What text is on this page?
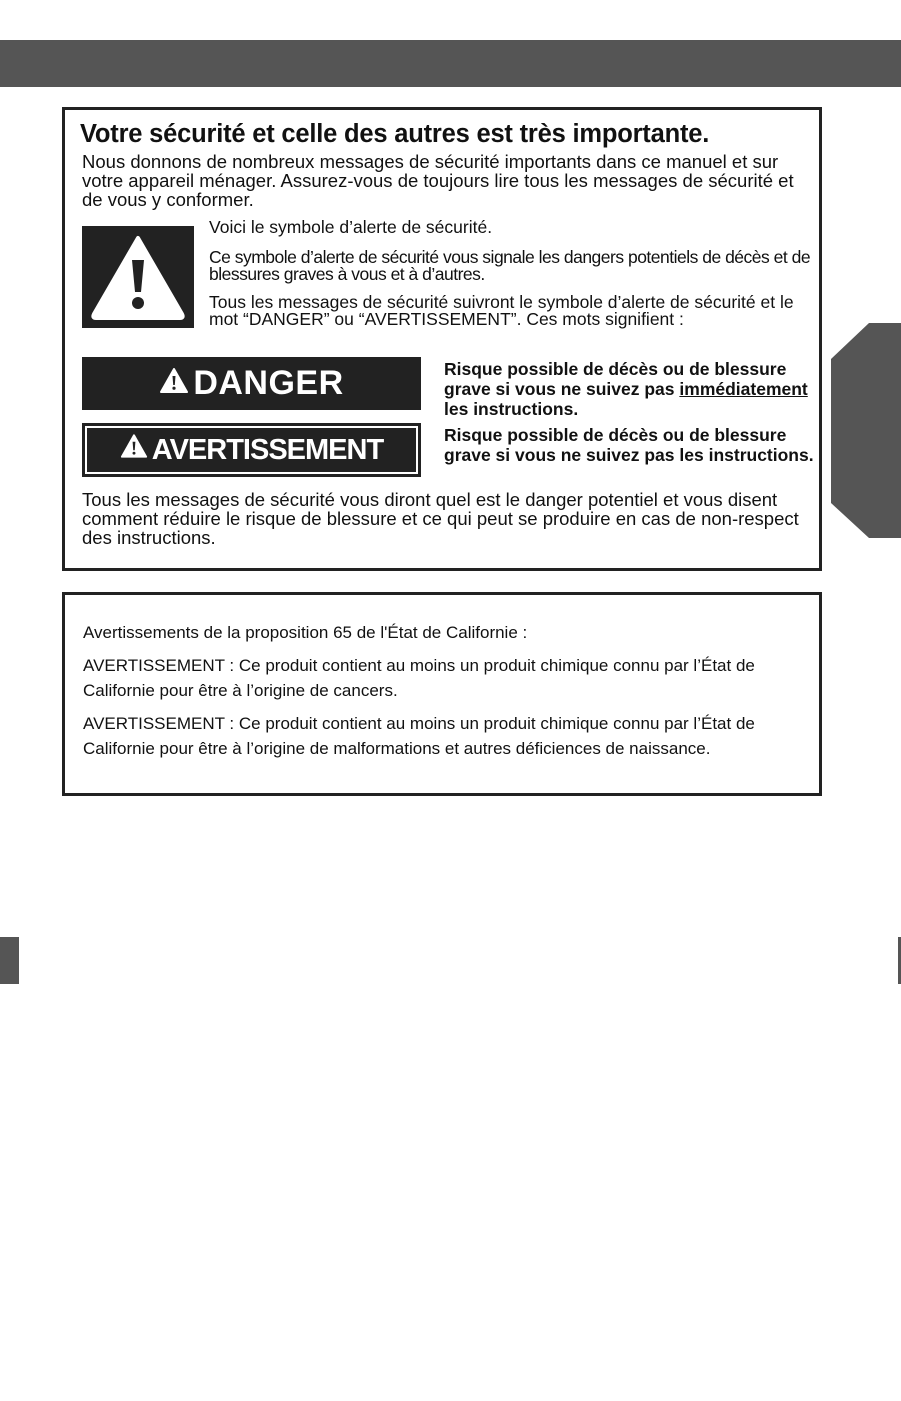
Votre sécurité et celle des autres est très importante.

Nous donnons de nombreux messages de sécurité importants dans ce manuel et sur votre appareil ménager. Assurez-vous de toujours lire tous les messages de sécurité et de vous y conformer.

Voici le symbole d’alerte de sécurité.

Ce symbole d’alerte de sécurité vous signale les dangers potentiels de décès et de blessures graves à vous et à d’autres.

Tous les messages de sécurité suivront le symbole d’alerte de sécurité et le mot “DANGER” ou “AVERTISSEMENT”. Ces mots signifient :

DANGER	Risque possible de décès ou de blessure grave si vous ne suivez pas immédiatement les instructions.

AVERTISSEMENT	Risque possible de décès ou de blessure grave si vous ne suivez pas les instructions.

Tous les messages de sécurité vous diront quel est le danger potentiel et vous disent comment réduire le risque de blessure et ce qui peut se produire en cas de non-respect des instructions.

Avertissements de la proposition 65 de l'État de Californie :

AVERTISSEMENT : Ce produit contient au moins un produit chimique connu par l’État de Californie pour être à l’origine de cancers.

AVERTISSEMENT : Ce produit contient au moins un produit chimique connu par l’État de Californie pour être à l’origine de malformations et autres déficiences de naissance.
